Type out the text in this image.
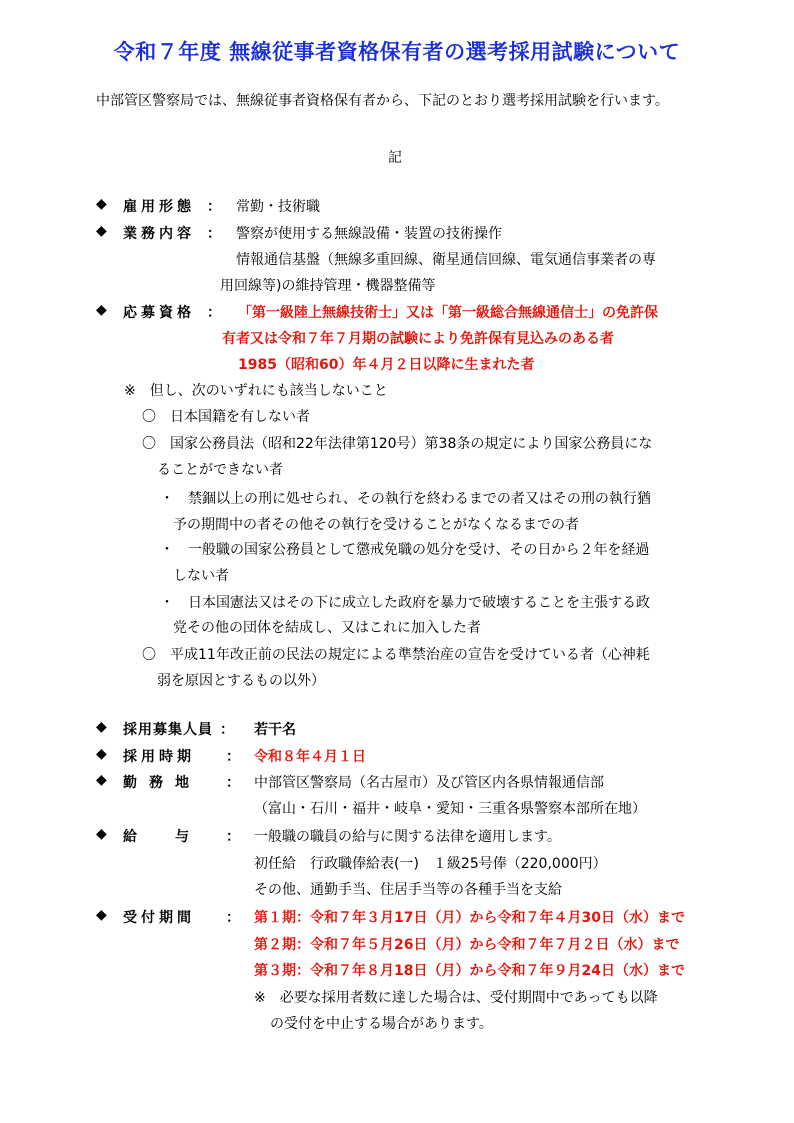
令和７年度 無線従事者資格保有者の選考採用試験について
中部管区警察局では、無線従事者資格保有者から、下記のとおり選考採用試験を行います。
記
◆ 雇用形態 ： 常勤・技術職
◆ 業務内容 ： 警察が使用する無線設備・装置の技術操作
情報通信基盤（無線多重回線、衛星通信回線、電気通信事業者の専
用回線等)の維持管理・機器整備等
◆ 応募資格 ： 「第一級陸上無線技術士」又は「第一級総合無線通信士」の免許保
有者又は令和７年７月期の試験により免許保有見込みのある者
1985（昭和60）年４月２日以降に生まれた者
※　但し、次のいずれにも該当しないこと
〇　日本国籍を有しない者
〇　国家公務員法（昭和22年法律第120号）第38条の規定により国家公務員にな
ることができない者
・　禁錮以上の刑に処せられ、その執行を終わるまでの者又はその刑の執行猶
予の期間中の者その他その執行を受けることがなくなるまでの者
・　一般職の国家公務員として懲戒免職の処分を受け、その日から２年を経過
しない者
・　日本国憲法又はその下に成立した政府を暴力で破壊することを主張する政
党その他の団体を結成し、又はこれに加入した者
〇　平成11年改正前の民法の規定による準禁治産の宣告を受けている者（心神耗
弱を原因とするもの以外）
◆ 採用募集人員 ： 若干名
◆ 採用時期 ： 令和８年４月１日
◆ 勤務地 ： 中部管区警察局（名古屋市）及び管区内各県情報通信部
（富山・石川・福井・岐阜・愛知・三重各県警察本部所在地）
◆ 給与 ： 一般職の職員の給与に関する法律を適用します。
初任給　行政職俸給表(一)　１級25号俸（220,000円）
その他、通勤手当、住居手当等の各種手当を支給
◆ 受付期間 ： 第１期：令和７年３月17日（月）から令和７年４月30日（水）まで
第２期：令和７年５月26日（月）から令和７年７月２日（水）まで
第３期：令和７年８月18日（月）から令和７年９月24日（水）まで
※　必要な採用者数に達した場合は、受付期間中であっても以降
の受付を中止する場合があります。
